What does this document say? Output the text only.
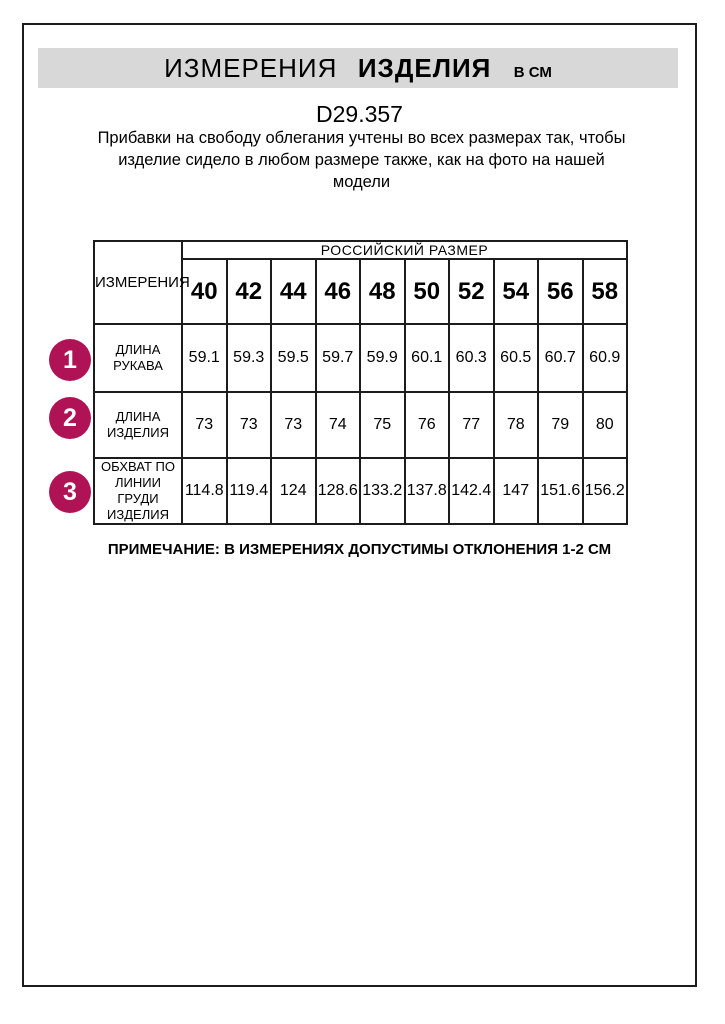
ИЗМЕРЕНИЯ ИЗДЕЛИЯ В СМ
D29.357
Прибавки на свободу облегания учтены во всех размерах так, чтобы изделие сидело в любом размере также, как на фото на нашей модели
ИЗМЕРЕНИЯ	РОССИЙСКИЙ РАЗМЕР									
	40	42	44	46	48	50	52	54	56	58
ДЛИНА РУКАВА	59.1	59.3	59.5	59.7	59.9	60.1	60.3	60.5	60.7	60.9
ДЛИНА ИЗДЕЛИЯ	73	73	73	74	75	76	77	78	79	80
ОБХВАТ ПО ЛИНИИ ГРУДИ ИЗДЕЛИЯ	114.8	119.4	124	128.6	133.2	137.8	142.4	147	151.6	156.2
1
2
3
ПРИМЕЧАНИЕ: В ИЗМЕРЕНИЯХ ДОПУСТИМЫ ОТКЛОНЕНИЯ 1-2 СМ
